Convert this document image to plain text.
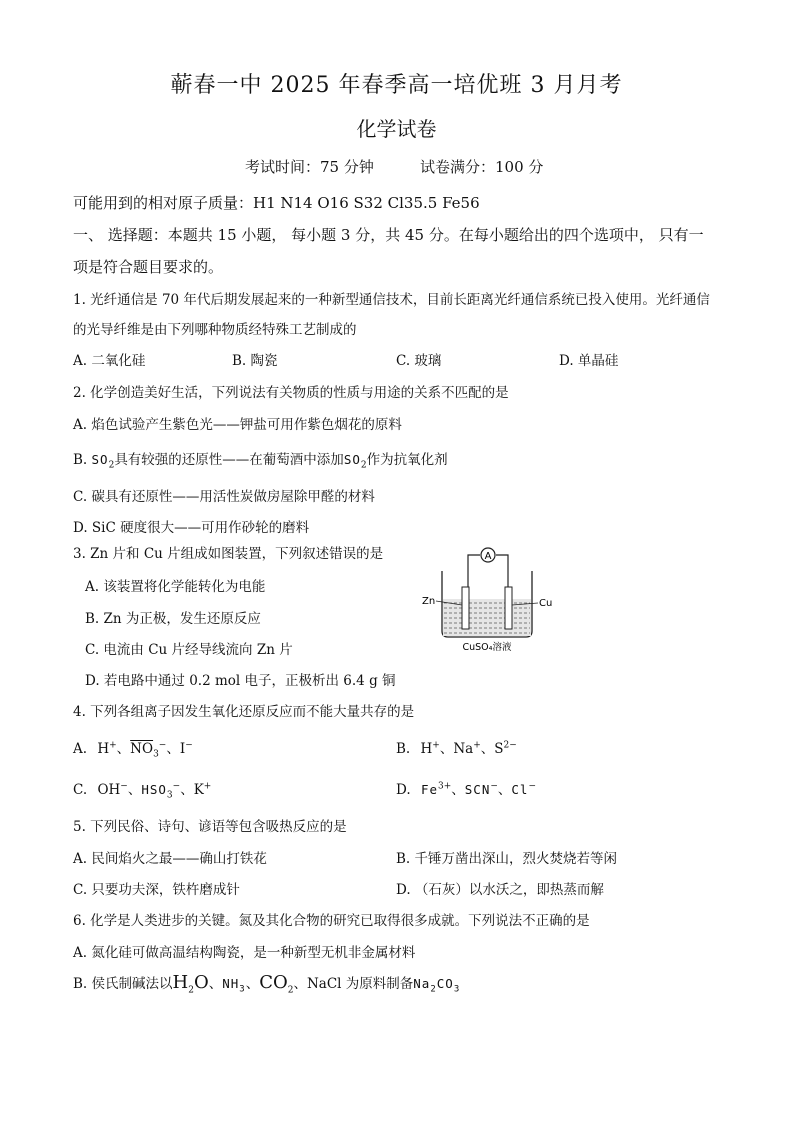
蕲春一中 2025 年春季高一培优班 3 月月考
化学试卷
考试时间：75 分钟	试卷满分：100 分
可能用到的相对原子质量：H1 N14 O16 S32 Cl35.5 Fe56
一、 选择题：本题共 15 小题， 每小题 3 分，共 45 分。在每小题给出的四个选项中， 只有一
项是符合题目要求的。
1. 光纤通信是 70 年代后期发展起来的一种新型通信技术，目前长距离光纤通信系统已投入使用。光纤通信
的光导纤维是由下列哪种物质经特殊工艺制成的
A. 二氧化硅	B. 陶瓷	C. 玻璃	D. 单晶硅
2. 化学创造美好生活，下列说法有关物质的性质与用途的关系不匹配的是
A. 焰色试验产生紫色光——钾盐可用作紫色烟花的原料
B. $SO_2$具有较强的还原性——在葡萄酒中添加$SO_2$作为抗氧化剂
C. 碳具有还原性——用活性炭做房屋除甲醛的材料
D. SiC 硬度很大——可用作砂轮的磨料
3. Zn 片和 Cu 片组成如图装置，下列叙述错误的是
A. 该装置将化学能转化为电能
B. Zn 为正极，发生还原反应
C. 电流由 Cu 片经导线流向 Zn 片
D. 若电路中通过 0.2 mol 电子，正极析出 6.4 g 铜
A
Zn	Cu
CuSO₄溶液
4. 下列各组离子因发生氧化还原反应而不能大量共存的是
A. H+、$\overline{NO}_3^-$、I−	B. H+、Na+、$S^{2-}$
C. OH−、$HSO_3^-$、K+	D. $Fe^{3+}$、SCN−、Cl−
5. 下列民俗、诗句、谚语等包含吸热反应的是
A. 民间焰火之最——确山打铁花	B. 千锤万凿出深山，烈火焚烧若等闲
C. 只要功夫深，铁杵磨成针	D. （石灰）以水沃之，即热蒸而解
6. 化学是人类进步的关键。氮及其化合物的研究已取得很多成就。下列说法不正确的是
A. 氮化硅可做高温结构陶瓷，是一种新型无机非金属材料
B. 侯氏制碱法以$H_2O$、$NH_3$、$CO_2$、NaCl 为原料制备$Na_2CO_3$
